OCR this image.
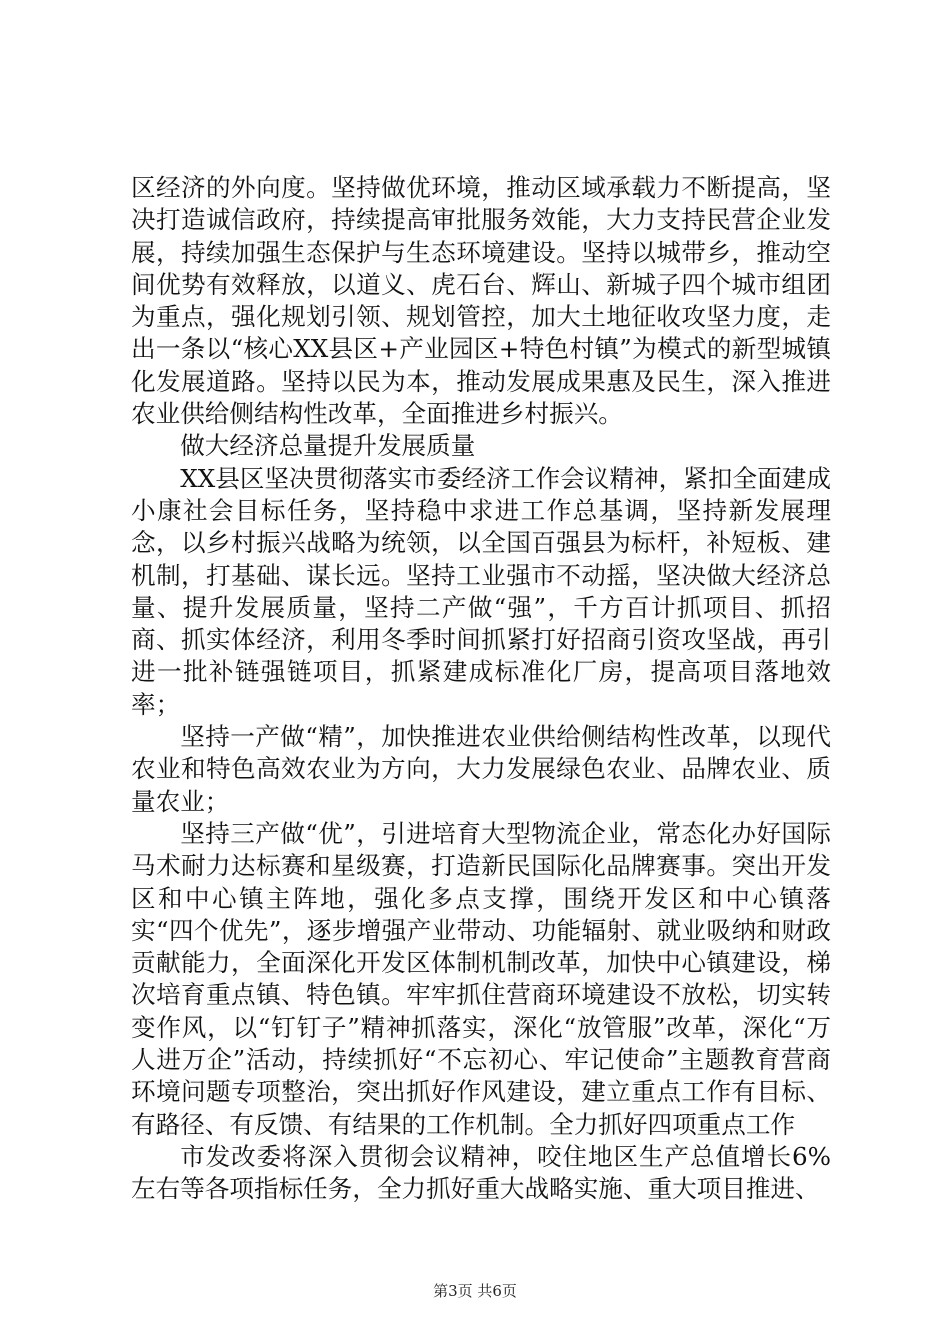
区经济的外向度。坚持做优环境，推动区域承载力不断提高，坚决打造诚信政府，持续提高审批服务效能，大力支持民营企业发展，持续加强生态保护与生态环境建设。坚持以城带乡，推动空间优势有效释放，以道义、虎石台、辉山、新城子四个城市组团为重点，强化规划引领、规划管控，加大土地征收攻坚力度，走出一条以“核心XX县区+产业园区+特色村镇”为模式的新型城镇化发展道路。坚持以民为本，推动发展成果惠及民生，深入推进农业供给侧结构性改革，全面推进乡村振兴。

做大经济总量提升发展质量

XX县区坚决贯彻落实市委经济工作会议精神，紧扣全面建成小康社会目标任务，坚持稳中求进工作总基调，坚持新发展理念，以乡村振兴战略为统领，以全国百强县为标杆，补短板、建机制，打基础、谋长远。坚持工业强市不动摇，坚决做大经济总量、提升发展质量，坚持二产做“强”，千方百计抓项目、抓招商、抓实体经济，利用冬季时间抓紧打好招商引资攻坚战，再引进一批补链强链项目，抓紧建成标准化厂房，提高项目落地效率；

坚持一产做“精”，加快推进农业供给侧结构性改革，以现代农业和特色高效农业为方向，大力发展绿色农业、品牌农业、质量农业；

坚持三产做“优”，引进培育大型物流企业，常态化办好国际马术耐力达标赛和星级赛，打造新民国际化品牌赛事。突出开发区和中心镇主阵地，强化多点支撑，围绕开发区和中心镇落实“四个优先”，逐步增强产业带动、功能辐射、就业吸纳和财政贡献能力，全面深化开发区体制机制改革，加快中心镇建设，梯次培育重点镇、特色镇。牢牢抓住营商环境建设不放松，切实转变作风，以“钉钉子”精神抓落实，深化“放管服”改革，深化“万人进万企”活动，持续抓好“不忘初心、牢记使命”主题教育营商环境问题专项整治，突出抓好作风建设，建立重点工作有目标、有路径、有反馈、有结果的工作机制。全力抓好四项重点工作

市发改委将深入贯彻会议精神，咬住地区生产总值增长6%左右等各项指标任务，全力抓好重大战略实施、重大项目推进、

第3页 共6页
